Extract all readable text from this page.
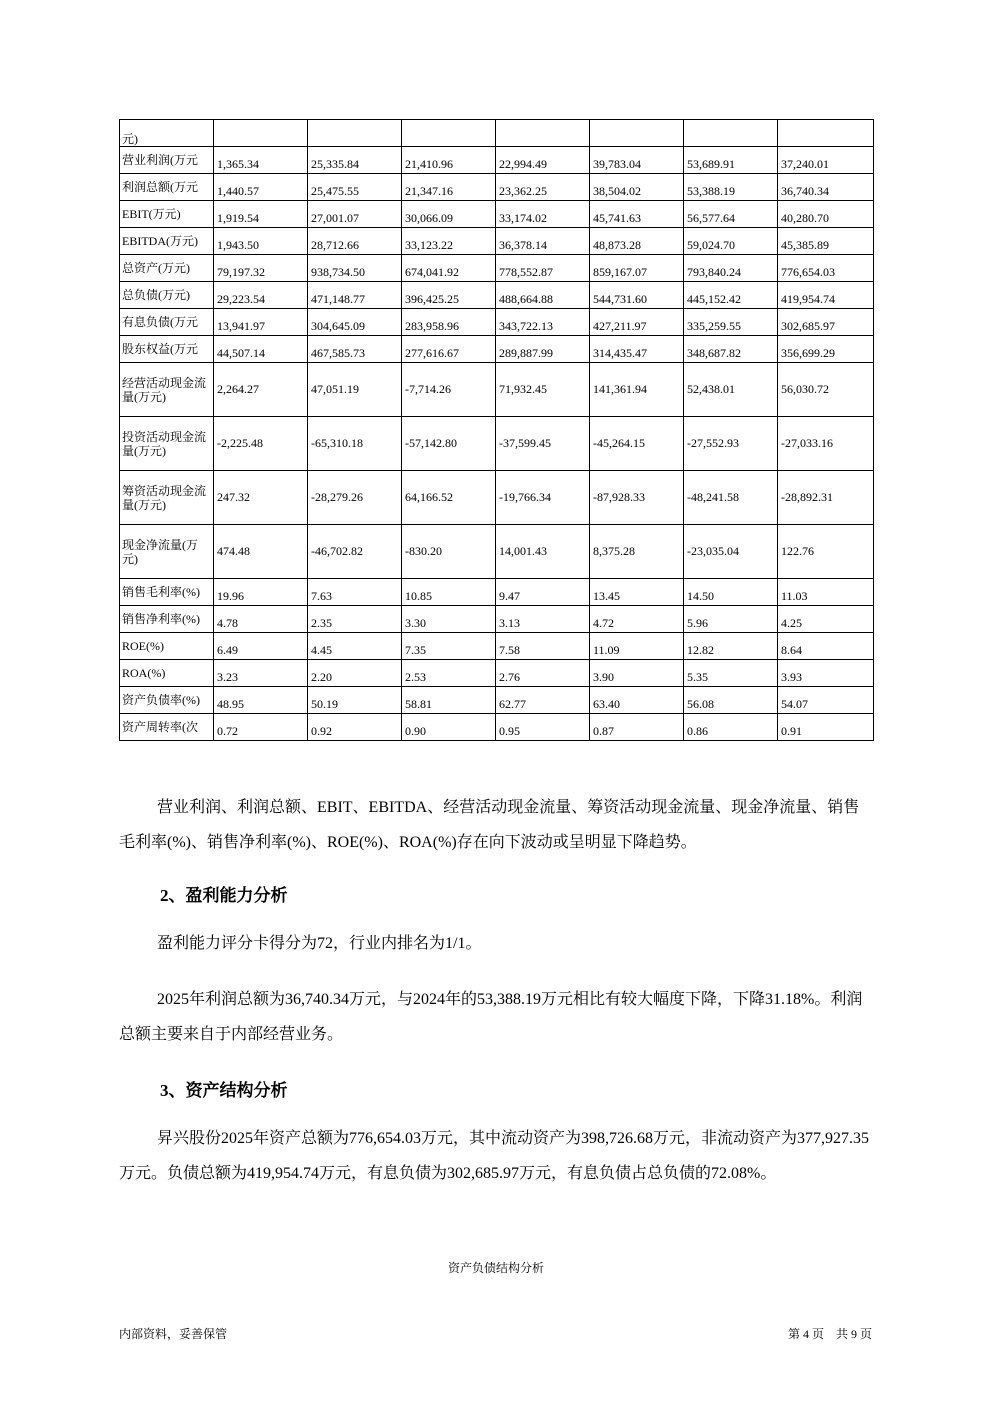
元)							
营业利润(万元	1,365.34	25,335.84	21,410.96	22,994.49	39,783.04	53,689.91	37,240.01
利润总额(万元	1,440.57	25,475.55	21,347.16	23,362.25	38,504.02	53,388.19	36,740.34
EBIT(万元)	1,919.54	27,001.07	30,066.09	33,174.02	45,741.63	56,577.64	40,280.70
EBITDA(万元)	1,943.50	28,712.66	33,123.22	36,378.14	48,873.28	59,024.70	45,385.89
总资产(万元)	79,197.32	938,734.50	674,041.92	778,552.87	859,167.07	793,840.24	776,654.03
总负债(万元)	29,223.54	471,148.77	396,425.25	488,664.88	544,731.60	445,152.42	419,954.74
有息负债(万元	13,941.97	304,645.09	283,958.96	343,722.13	427,211.97	335,259.55	302,685.97
股东权益(万元	44,507.14	467,585.73	277,616.67	289,887.99	314,435.47	348,687.82	356,699.29
经营活动现金流量(万元)	2,264.27	47,051.19	-7,714.26	71,932.45	141,361.94	52,438.01	56,030.72
投资活动现金流量(万元)	-2,225.48	-65,310.18	-57,142.80	-37,599.45	-45,264.15	-27,552.93	-27,033.16
筹资活动现金流量(万元)	247.32	-28,279.26	64,166.52	-19,766.34	-87,928.33	-48,241.58	-28,892.31
现金净流量(万元)	474.48	-46,702.82	-830.20	14,001.43	8,375.28	-23,035.04	122.76
销售毛利率(%)	19.96	7.63	10.85	9.47	13.45	14.50	11.03
销售净利率(%)	4.78	2.35	3.30	3.13	4.72	5.96	4.25
ROE(%)	6.49	4.45	7.35	7.58	11.09	12.82	8.64
ROA(%)	3.23	2.20	2.53	2.76	3.90	5.35	3.93
资产负债率(%)	48.95	50.19	58.81	62.77	63.40	56.08	54.07
资产周转率(次	0.72	0.92	0.90	0.95	0.87	0.86	0.91
营业利润、利润总额、EBIT、EBITDA、经营活动现金流量、筹资活动现金流量、现金净流量、销售毛利率(%)、销售净利率(%)、ROE(%)、ROA(%)存在向下波动或呈明显下降趋势。
2、盈利能力分析
盈利能力评分卡得分为72，行业内排名为1/1。
2025年利润总额为36,740.34万元，与2024年的53,388.19万元相比有较大幅度下降，下降31.18%。利润总额主要来自于内部经营业务。
3、资产结构分析
昇兴股份2025年资产总额为776,654.03万元，其中流动资产为398,726.68万元，非流动资产为377,927.35万元。负债总额为419,954.74万元，有息负债为302,685.97万元，有息负债占总负债的72.08%。
资产负债结构分析
内部资料，妥善保管	第 4 页　共 9 页
